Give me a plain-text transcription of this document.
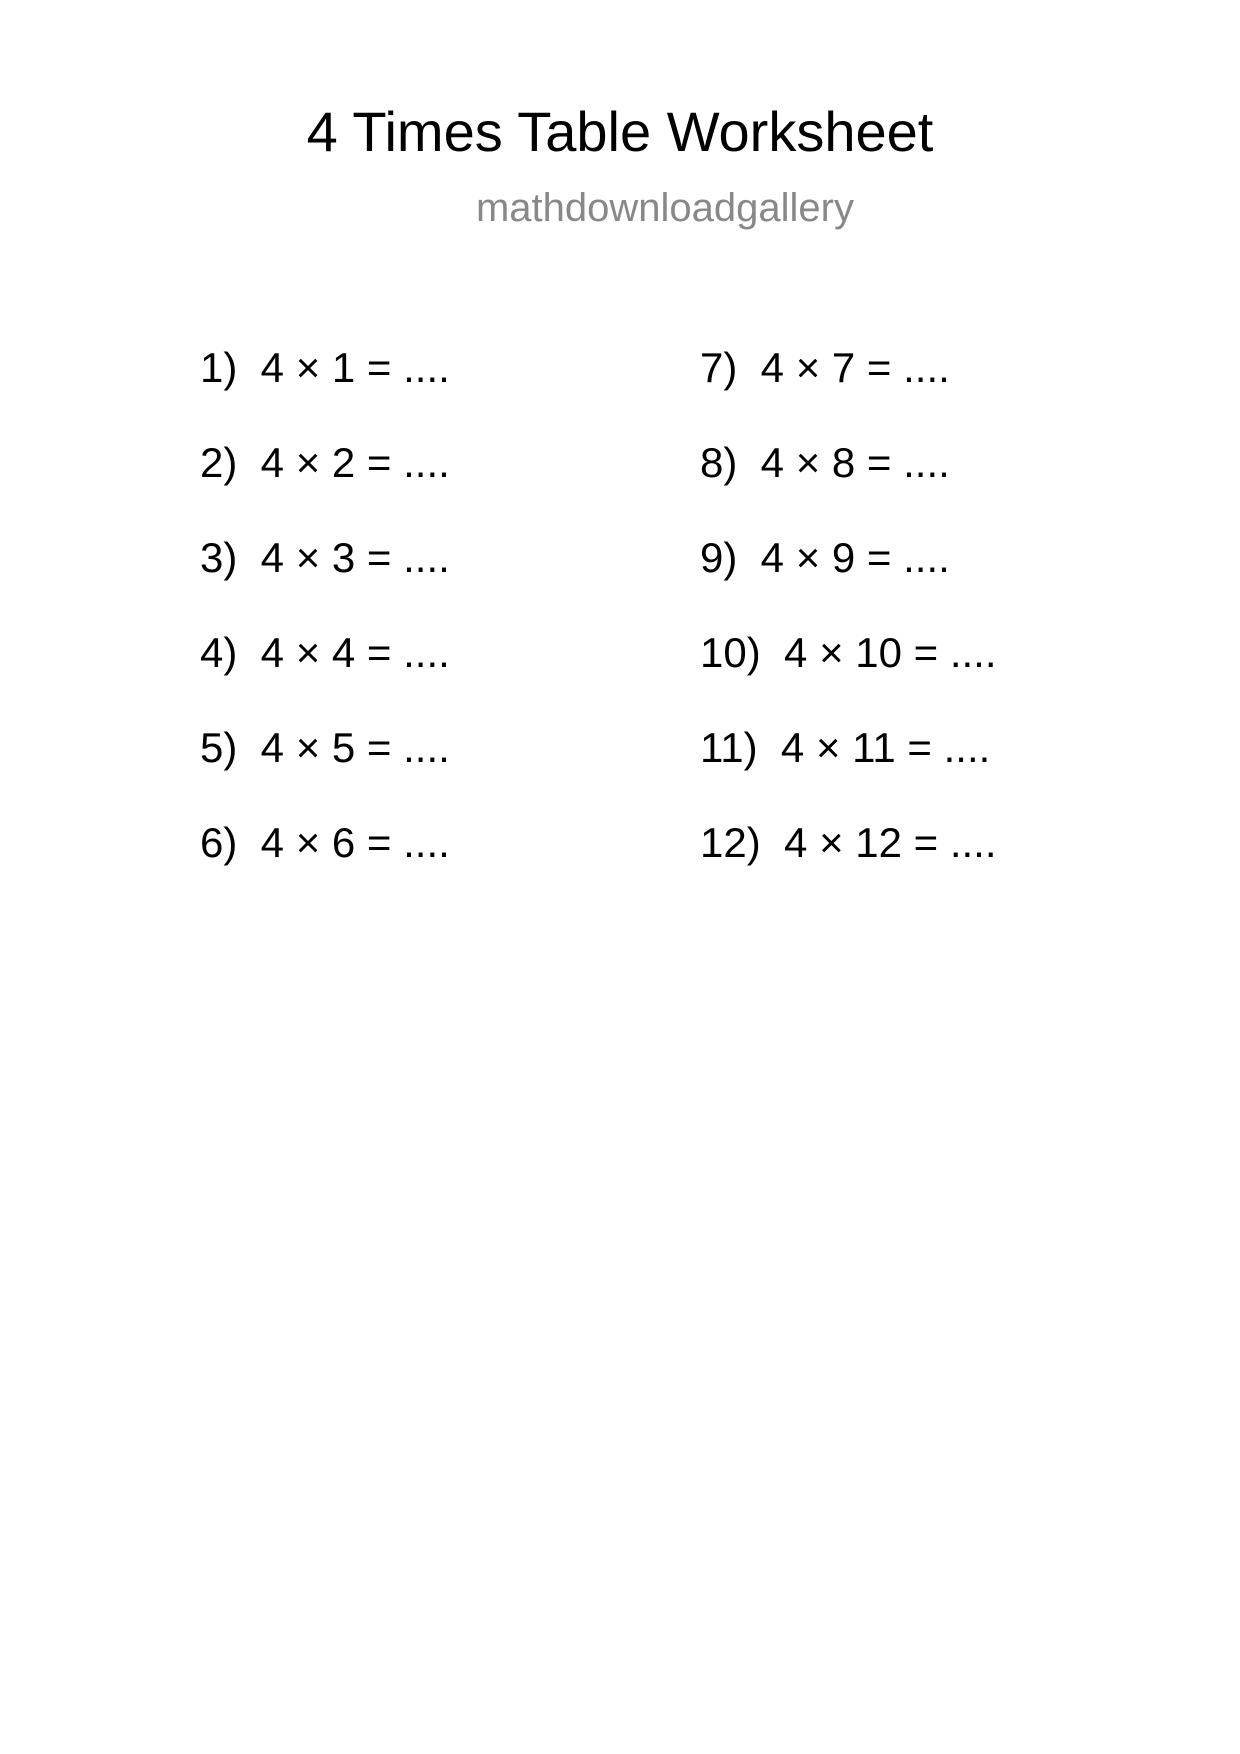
4 Times Table Worksheet
mathdownloadgallery
1)  4 × 1 = ....
2)  4 × 2 = ....
3)  4 × 3 = ....
4)  4 × 4 = ....
5)  4 × 5 = ....
6)  4 × 6 = ....
7)  4 × 7 = ....
8)  4 × 8 = ....
9)  4 × 9 = ....
10)  4 × 10 = ....
11)  4 × 11 = ....
12)  4 × 12 = ....
